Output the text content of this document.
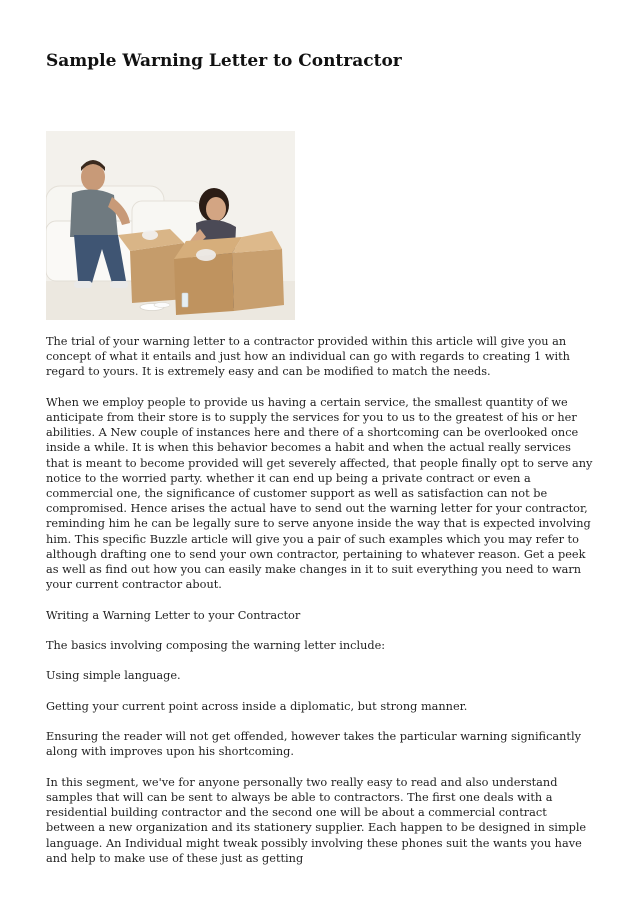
Sample Warning Letter to Contractor

The trial of your warning letter to a contractor provided within this article will give you an concept of what it entails and just how an individual can go with regards to creating 1 with regard to yours. It is extremely easy and can be modified to match the needs.

When we employ people to provide us having a certain service, the smallest quantity of we anticipate from their store is to supply the services for you to us to the greatest of his or her abilities. A New couple of instances here and there of a shortcoming can be overlooked once inside a while. It is when this behavior becomes a habit and when the actual really services that is meant to become provided will get severely affected, that people finally opt to serve any notice to the worried party. whether it can end up being a private contract or even a commercial one, the significance of customer support as well as satisfaction can not be compromised. Hence arises the actual have to send out the warning letter for your contractor, reminding him he can be legally sure to serve anyone inside the way that is expected involving him. This specific Buzzle article will give you a pair of such examples which you may refer to although drafting one to send your own contractor, pertaining to whatever reason. Get a peek as well as find out how you can easily make changes in it to suit everything you need to warn your current contractor about.

Writing a Warning Letter to your Contractor

The basics involving composing the warning letter include:

Using simple language.

Getting your current point across inside a diplomatic, but strong manner.

Ensuring the reader will not get offended, however takes the particular warning significantly along with improves upon his shortcoming.

In this segment, we've for anyone personally two really easy to read and also understand samples that will can be sent to always be able to contractors. The first one deals with a residential building contractor and the second one will be about a commercial contract between a new organization and its stationery supplier. Each happen to be designed in simple language. An Individual might tweak possibly involving these phones suit the wants you have and help to make use of these just as getting
